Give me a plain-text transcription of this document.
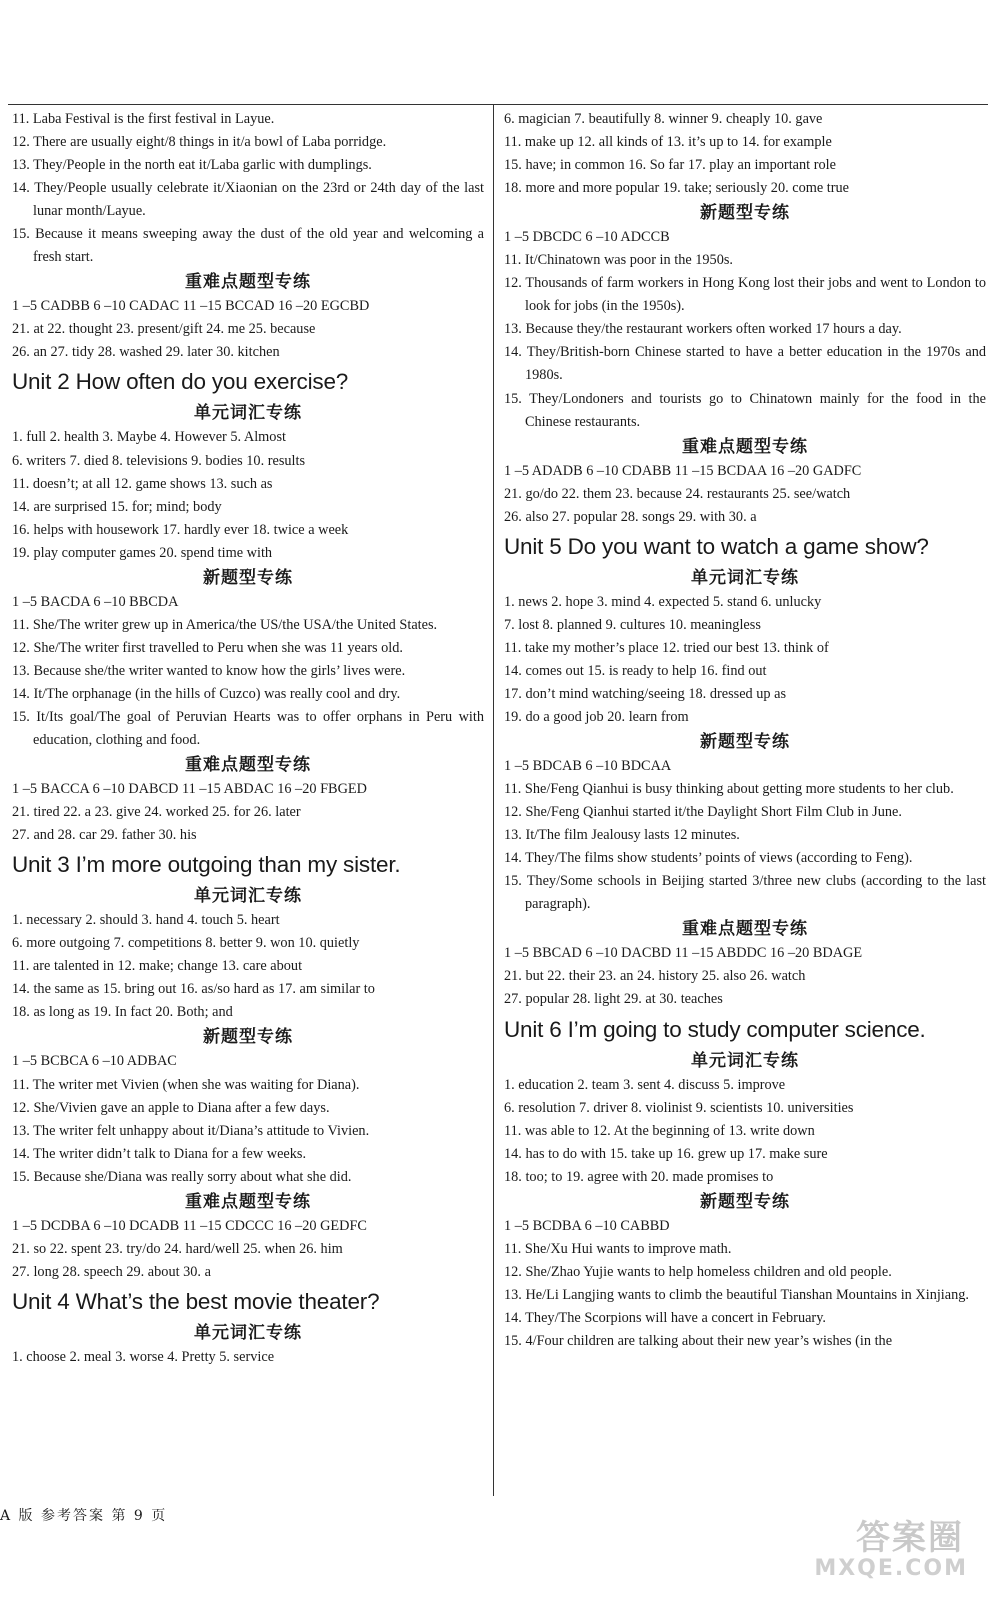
11. Laba Festival is the first festival in Layue.
12. There are usually eight/8 things in it/a bowl of Laba porridge.
13. They/People in the north eat it/Laba garlic with dumplings.
14. They/People usually celebrate it/Xiaonian on the 23rd or 24th day of the last lunar month/Layue.
15. Because it means sweeping away the dust of the old year and welcoming a fresh start.
重难点题型专练
1 –5 CADBB 6 –10 CADAC 11 –15 BCCAD 16 –20 EGCBD
21. at 22. thought 23. present/gift 24. me 25. because
26. an 27. tidy 28. washed 29. later 30. kitchen
Unit 2 How often do you exercise?
单元词汇专练
1. full 2. health 3. Maybe 4. However 5. Almost
6. writers 7. died 8. televisions 9. bodies 10. results
11. doesn’t; at all 12. game shows 13. such as
14. are surprised 15. for; mind; body
16. helps with housework 17. hardly ever 18. twice a week
19. play computer games 20. spend time with
新题型专练
1 –5 BACDA 6 –10 BBCDA
11. She/The writer grew up in America/the US/the USA/the United States.
12. She/The writer first travelled to Peru when she was 11 years old.
13. Because she/the writer wanted to know how the girls’ lives were.
14. It/The orphanage (in the hills of Cuzco) was really cool and dry.
15. It/Its goal/The goal of Peruvian Hearts was to offer orphans in Peru with education, clothing and food.
重难点题型专练
1 –5 BACCA 6 –10 DABCD 11 –15 ABDAC 16 –20 FBGED
21. tired 22. a 23. give 24. worked 25. for 26. later
27. and 28. car 29. father 30. his
Unit 3 I’m more outgoing than my sister.
单元词汇专练
1. necessary 2. should 3. hand 4. touch 5. heart
6. more outgoing 7. competitions 8. better 9. won 10. quietly
11. are talented in 12. make; change 13. care about
14. the same as 15. bring out 16. as/so hard as 17. am similar to
18. as long as 19. In fact 20. Both; and
新题型专练
1 –5 BCBCA 6 –10 ADBAC
11. The writer met Vivien (when she was waiting for Diana).
12. She/Vivien gave an apple to Diana after a few days.
13. The writer felt unhappy about it/Diana’s attitude to Vivien.
14. The writer didn’t talk to Diana for a few weeks.
15. Because she/Diana was really sorry about what she did.
重难点题型专练
1 –5 DCDBA 6 –10 DCADB 11 –15 CDCCC 16 –20 GEDFC
21. so 22. spent 23. try/do 24. hard/well 25. when 26. him
27. long 28. speech 29. about 30. a
Unit 4 What’s the best movie theater?
单元词汇专练
1. choose 2. meal 3. worse 4. Pretty 5. service
6. magician 7. beautifully 8. winner 9. cheaply 10. gave
11. make up 12. all kinds of 13. it’s up to 14. for example
15. have; in common 16. So far 17. play an important role
18. more and more popular 19. take; seriously 20. come true
新题型专练
1 –5 DBCDC 6 –10 ADCCB
11. It/Chinatown was poor in the 1950s.
12. Thousands of farm workers in Hong Kong lost their jobs and went to London to look for jobs (in the 1950s).
13. Because they/the restaurant workers often worked 17 hours a day.
14. They/British-born Chinese started to have a better education in the 1970s and 1980s.
15. They/Londoners and tourists go to Chinatown mainly for the food in the Chinese restaurants.
重难点题型专练
1 –5 ADADB 6 –10 CDABB 11 –15 BCDAA 16 –20 GADFC
21. go/do 22. them 23. because 24. restaurants 25. see/watch
26. also 27. popular 28. songs 29. with 30. a
Unit 5 Do you want to watch a game show?
单元词汇专练
1. news 2. hope 3. mind 4. expected 5. stand 6. unlucky
7. lost 8. planned 9. cultures 10. meaningless
11. take my mother’s place 12. tried our best 13. think of
14. comes out 15. is ready to help 16. find out
17. don’t mind watching/seeing 18. dressed up as
19. do a good job 20. learn from
新题型专练
1 –5 BDCAB 6 –10 BDCAA
11. She/Feng Qianhui is busy thinking about getting more students to her club.
12. She/Feng Qianhui started it/the Daylight Short Film Club in June.
13. It/The film Jealousy lasts 12 minutes.
14. They/The films show students’ points of views (according to Feng).
15. They/Some schools in Beijing started 3/three new clubs (according to the last paragraph).
重难点题型专练
1 –5 BBCAD 6 –10 DACBD 11 –15 ABDDC 16 –20 BDAGE
21. but 22. their 23. an 24. history 25. also 26. watch
27. popular 28. light 29. at 30. teaches
Unit 6 I’m going to study computer science.
单元词汇专练
1. education 2. team 3. sent 4. discuss 5. improve
6. resolution 7. driver 8. violinist 9. scientists 10. universities
11. was able to 12. At the beginning of 13. write down
14. has to do with 15. take up 16. grew up 17. make sure
18. too; to 19. agree with 20. made promises to
新题型专练
1 –5 BCDBA 6 –10 CABBD
11. She/Xu Hui wants to improve math.
12. She/Zhao Yujie wants to help homeless children and old people.
13. He/Li Langjing wants to climb the beautiful Tianshan Mountains in Xinjiang.
14. They/The Scorpions will have a concert in February.
15. 4/Four children are talking about their new year’s wishes (in the
A 版 参考答案 第 9 页
答案圈
MXQE.COM
